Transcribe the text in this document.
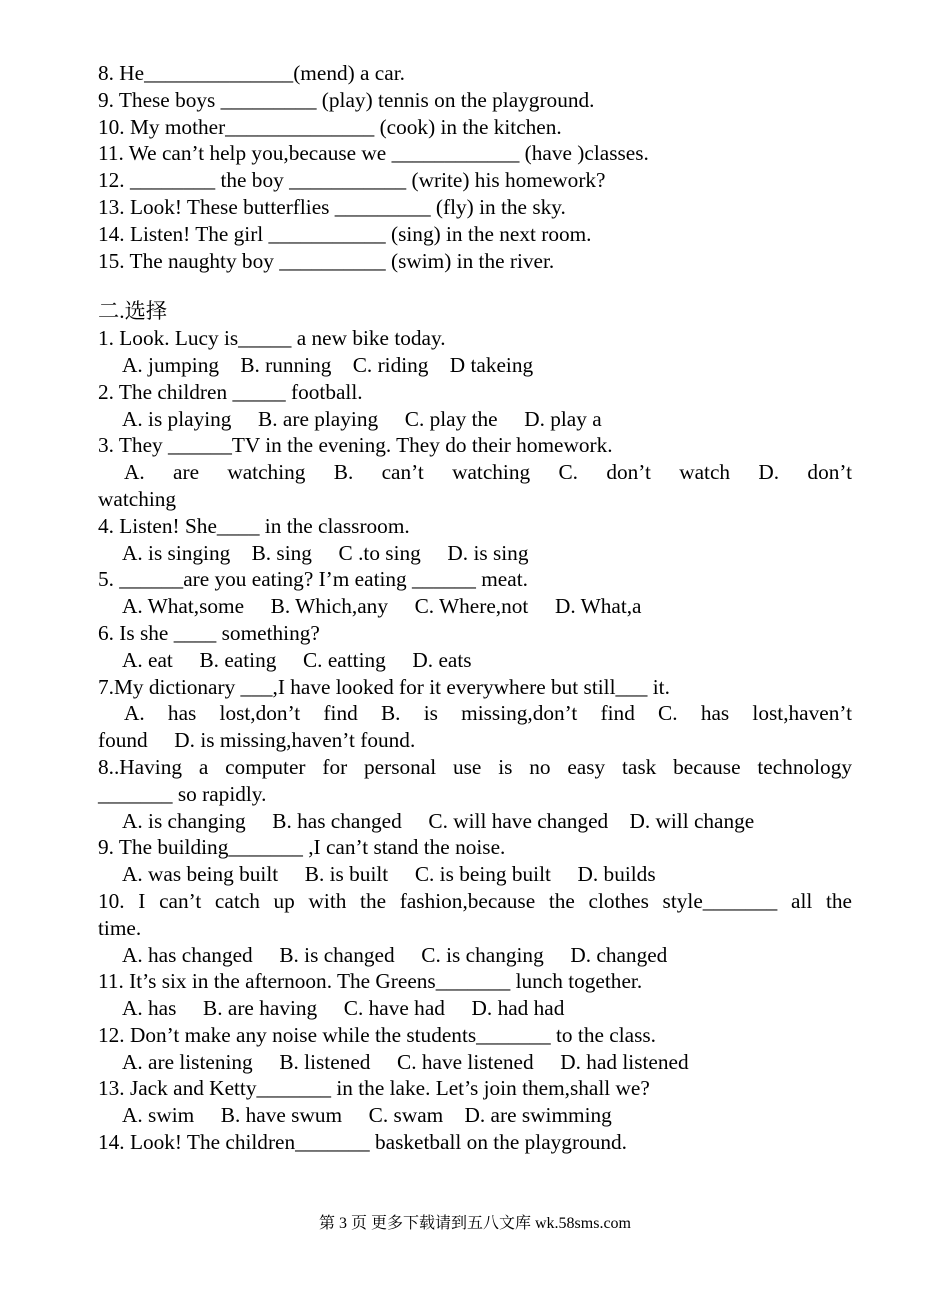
8. He______________(mend) a car.
9. These boys _________ (play) tennis on the playground.
10. My mother______________ (cook) in the kitchen.
11. We can’t help you,because we ____________ (have )classes.
12. ________ the boy ___________ (write) his homework?
13. Look! These butterflies _________ (fly) in the sky.
14. Listen! The girl ___________ (sing) in the next room.
15. The naughty boy __________ (swim) in the river.
二.选择
1. Look. Lucy is_____ a new bike today.
A. jumping    B. running    C. riding    D takeing
2. The children _____ football.
A. is playing     B. are playing     C. play the     D. play a
3. They ______TV in the evening. They do their homework.
A. are watching B. can’t watching C. don’t watch D. don’t
watching
4. Listen! She____ in the classroom.
A. is singing    B. sing     C .to sing     D. is sing
5. ______are you eating? I’m eating ______ meat.
A. What,some     B. Which,any     C. Where,not     D. What,a
6. Is she ____ something?
A. eat     B. eating     C. eatting     D. eats
7.My dictionary ___,I have looked for it everywhere but still___ it.
A. has lost,don’t find B. is missing,don’t find C. has lost,haven’t
found     D. is missing,haven’t found.
8..Having a computer for personal use is no easy task because technology
_______ so rapidly.
A. is changing     B. has changed     C. will have changed    D. will change
9. The building_______ ,I can’t stand the noise.
A. was being built     B. is built     C. is being built     D. builds
10. I can’t catch up with the fashion,because the clothes style_______ all the
time.
A. has changed     B. is changed     C. is changing     D. changed
11. It’s six in the afternoon. The Greens_______ lunch together.
A. has     B. are having     C. have had     D. had had
12. Don’t make any noise while the students_______ to the class.
A. are listening     B. listened     C. have listened     D. had listened
13. Jack and Ketty_______ in the lake. Let’s join them,shall we?
A. swim     B. have swum     C. swam    D. are swimming
14. Look! The children_______ basketball on the playground.
第 3 页 更多下载请到五八文库 wk.58sms.com
